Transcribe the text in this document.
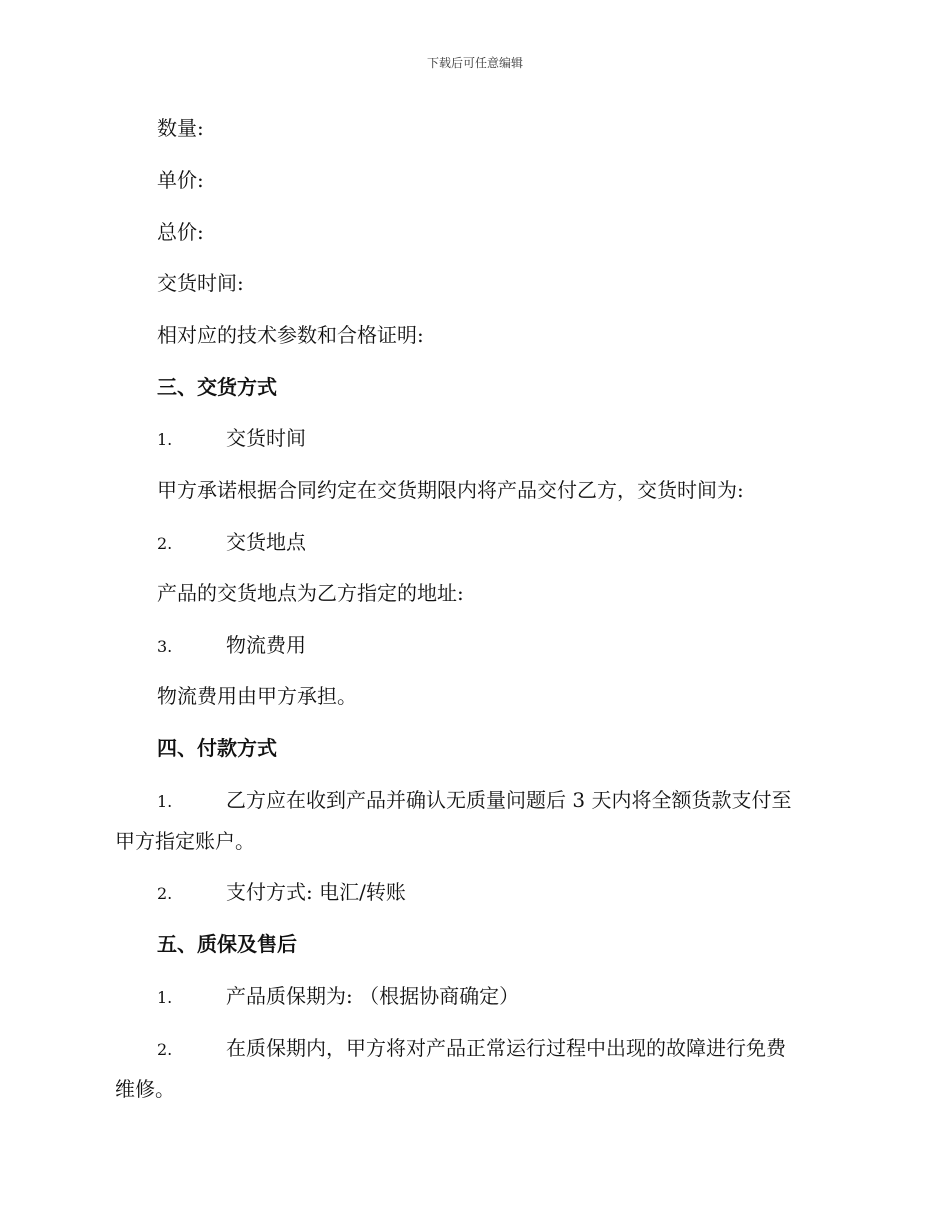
下载后可任意编辑
数量:
单价:
总价:
交货时间:
相对应的技术参数和合格证明:
三、交货方式
1.	交货时间
甲方承诺根据合同约定在交货期限内将产品交付乙方，交货时间为:
2.	交货地点
产品的交货地点为乙方指定的地址:
3.	物流费用
物流费用由甲方承担。
四、付款方式
1.	乙方应在收到产品并确认无质量问题后 3 天内将全额货款支付至
甲方指定账户。
2.	支付方式: 电汇/转账
五、质保及售后
1.	产品质保期为: （根据协商确定）
2.	在质保期内，甲方将对产品正常运行过程中出现的故障进行免费
维修。
